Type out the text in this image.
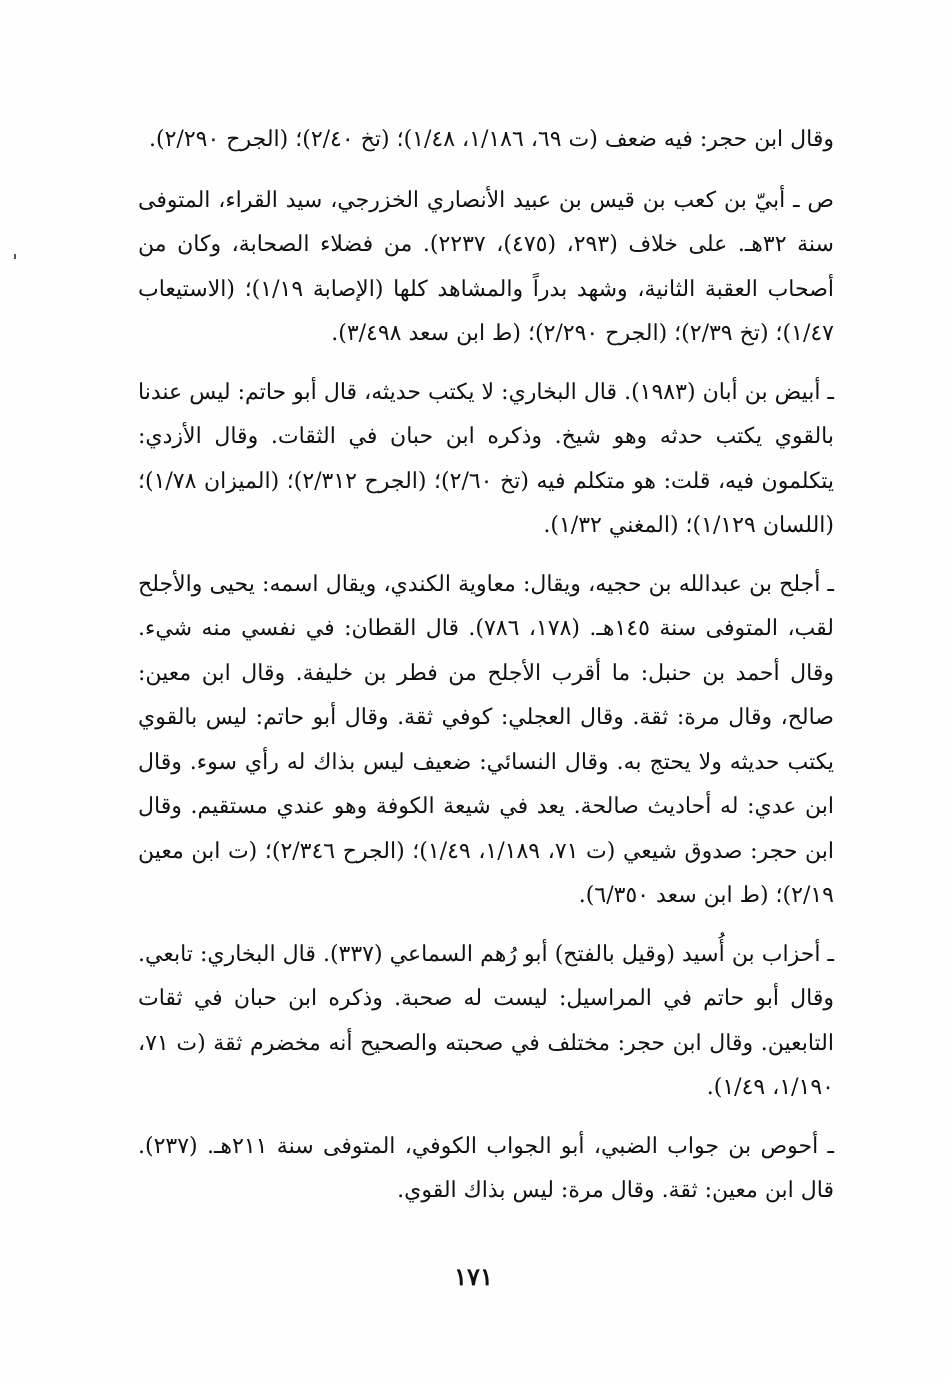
وقال ابن حجر: فيه ضعف (ت ٦٩، ١/١٨٦، ١/٤٨)؛ (تخ ٢/٤٠)؛ (الجرح ٢/٢٩٠).

ص ـ أبيّ بن كعب بن قيس بن عبيد الأنصاري الخزرجي، سيد القراء، المتوفى سنة ٣٢هـ. على خلاف (٢٩٣، (٤٧٥)، ٢٢٣٧). من فضلاء الصحابة، وكان من أصحاب العقبة الثانية، وشهد بدراً والمشاهد كلها (الإصابة ١/١٩)؛ (الاستيعاب ١/٤٧)؛ (تخ ٢/٣٩)؛ (الجرح ٢/٢٩٠)؛ (ط ابن سعد ٣/٤٩٨).

ـ أبيض بن أبان (١٩٨٣). قال البخاري: لا يكتب حديثه، قال أبو حاتم: ليس عندنا بالقوي يكتب حدثه وهو شيخ. وذكره ابن حبان في الثقات. وقال الأزدي: يتكلمون فيه، قلت: هو متكلم فيه (تخ ٢/٦٠)؛ (الجرح ٢/٣١٢)؛ (الميزان ١/٧٨)؛ (اللسان ١/١٢٩)؛ (المغني ١/٣٢).

ـ أجلح بن عبدالله بن حجيه، ويقال: معاوية الكندي، ويقال اسمه: يحيى والأجلح لقب، المتوفى سنة ١٤٥هـ. (١٧٨، ٧٨٦). قال القطان: في نفسي منه شيء. وقال أحمد بن حنبل: ما أقرب الأجلح من فطر بن خليفة. وقال ابن معين: صالح، وقال مرة: ثقة. وقال العجلي: كوفي ثقة. وقال أبو حاتم: ليس بالقوي يكتب حديثه ولا يحتج به. وقال النسائي: ضعيف ليس بذاك له رأي سوء. وقال ابن عدي: له أحاديث صالحة. يعد في شيعة الكوفة وهو عندي مستقيم. وقال ابن حجر: صدوق شيعي (ت ٧١، ١/١٨٩، ١/٤٩)؛ (الجرح ٢/٣٤٦)؛ (ت ابن معين ٢/١٩)؛ (ط ابن سعد ٦/٣٥٠).

ـ أحزاب بن أُسيد (وقيل بالفتح) أبو رُهم السماعي (٣٣٧). قال البخاري: تابعي. وقال أبو حاتم في المراسيل: ليست له صحبة. وذكره ابن حبان في ثقات التابعين. وقال ابن حجر: مختلف في صحبته والصحيح أنه مخضرم ثقة (ت ٧١، ١/١٩٠، ١/٤٩).

ـ أحوص بن جواب الضبي، أبو الجواب الكوفي، المتوفى سنة ٢١١هـ. (٢٣٧). قال ابن معين: ثقة. وقال مرة: ليس بذاك القوي.

١٧١
